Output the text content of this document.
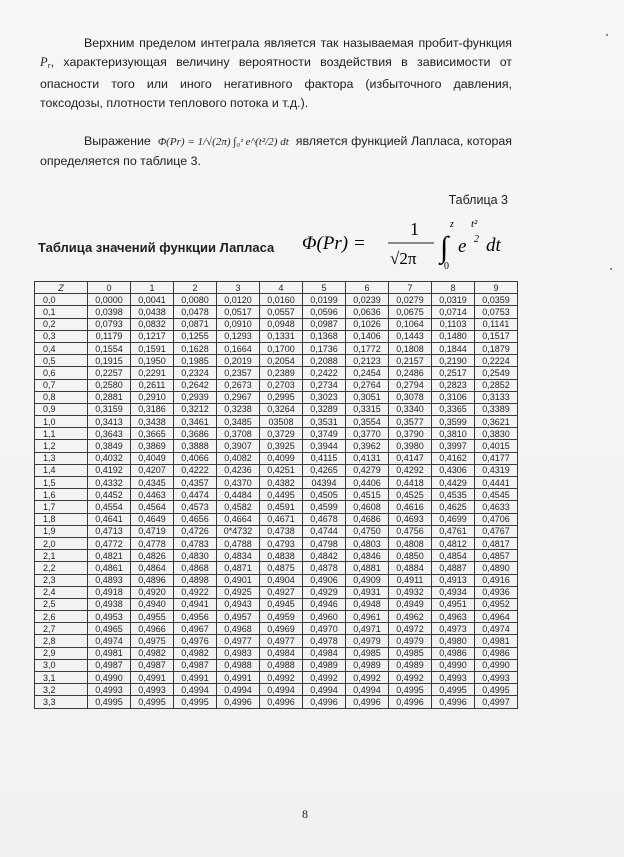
Верхним пределом интеграла является так называемая пробит-функция $P_r$, характеризующая величину вероятности воздействия в зависимости от опасности того или иного негативного фактора (избыточного давления, токсодозы, плотности теплового потока и т.д.).
Выражение Φ(Pr) = 1/√(2π) ∫₀ᶻ e^(t²/2) dt является функцией Лапласа, которая определяется по таблице 3.
Таблица 3
Таблица значений функции Лапласа Φ(Pr) =
1
√2π
z
∫
0
e
t²
2 dt
Z	0	1	2	3	4	5	6	7	8	9
0,0	0,0000	0,0041	0,0080	0,0120	0,0160	0,0199	0,0239	0,0279	0,0319	0,0359
0,1	0,0398	0,0438	0,0478	0,0517	0,0557	0,0596	0,0636	0,0675	0,0714	0,0753
0,2	0,0793	0,0832	0,0871	0,0910	0,0948	0,0987	0,1026	0,1064	0,1103	0,1141
0,3	0,1179	0,1217	0,1255	0,1293	0,1331	0,1368	0,1406	0,1443	0,1480	0,1517
0,4	0,1554	0,1591	0,1628	0,1664	0,1700	0,1736	0,1772	0,1808	0,1844	0,1879
0,5	0,1915	0,1950	0,1985	0,2019	0,2054	0,2088	0,2123	0,2157	0,2190	0,2224
0,6	0,2257	0,2291	0,2324	0,2357	0,2389	0,2422	0,2454	0,2486	0,2517	0,2549
0,7	0,2580	0,2611	0,2642	0,2673	0,2703	0,2734	0,2764	0,2794	0,2823	0,2852
0,8	0,2881	0,2910	0,2939	0,2967	0,2995	0,3023	0,3051	0,3078	0,3106	0,3133
0,9	0,3159	0,3186	0,3212	0,3238	0,3264	0,3289	0,3315	0,3340	0,3365	0,3389
1,0	0,3413	0,3438	0,3461	0,3485	03508	0,3531	0,3554	0,3577	0,3599	0,3621
1,1	0,3643	0,3665	0,3686	0,3708	0,3729	0,3749	0,3770	0,3790	0,3810	0,3830
1,2	0,3849	0,3869	0,3888	0,3907	0,3925	0,3944	0,3962	0,3980	0,3997	0,4015
1,3	0,4032	0,4049	0,4066	0,4082	0,4099	0,4115	0,4131	0,4147	0,4162	0,4177
1,4	0,4192	0,4207	0,4222	0,4236	0,4251	0,4265	0,4279	0,4292	0,4306	0,4319
1,5	0,4332	0,4345	0,4357	0,4370	0,4382	04394	0,4406	0,4418	0,4429	0,4441
1,6	0,4452	0,4463	0,4474	0,4484	0,4495	0,4505	0,4515	0,4525	0,4535	0,4545
1,7	0,4554	0,4564	0,4573	0,4582	0,4591	0,4599	0,4608	0,4616	0,4625	0,4633
1,8	0,4641	0,4649	0,4656	0,4664	0,4671	0,4678	0,4686	0,4693	0,4699	0,4706
1,9	0,4713	0,4719	0,4726	0*4732	0,4738	0,4744	0,4750	0,4756	0,4761	0,4767
2,0	0,4772	0,4778	0,4783	0,4788	0,4793	0,4798	0,4803	0,4808	0,4812	0,4817
2,1	0,4821	0,4826	0,4830	0,4834	0,4838	0,4842	0,4846	0,4850	0,4854	0,4857
2,2	0,4861	0,4864	0,4868	0,4871	0,4875	0,4878	0,4881	0,4884	0,4887	0,4890
2,3	0,4893	0,4896	0,4898	0,4901	0,4904	0,4906	0,4909	0,4911	0,4913	0,4916
2,4	0,4918	0,4920	0,4922	0,4925	0,4927	0,4929	0,4931	0,4932	0,4934	0,4936
2,5	0,4938	0,4940	0,4941	0,4943	0,4945	0,4946	0,4948	0,4949	0,4951	0,4952
2,6	0,4953	0,4955	0,4956	0,4957	0,4959	0,4960	0,4961	0,4962	0,4963	0,4964
2,7	0,4965	0,4966	0,4967	0,4968	0,4969	0,4970	0,4971	0,4972	0,4973	0,4974
2,8	0,4974	0,4975	0,4976	0,4977	0,4977	0,4978	0,4979	0,4979	0,4980	0,4981
2,9	0,4981	0,4982	0,4982	0,4983	0,4984	0,4984	0,4985	0,4985	0,4986	0,4986
3,0	0,4987	0,4987	0,4987	0,4988	0,4988	0,4989	0,4989	0,4989	0,4990	0,4990
3,1	0,4990	0,4991	0,4991	0,4991	0,4992	0,4992	0,4992	0,4992	0,4993	0,4993
3,2	0,4993	0,4993	0,4994	0,4994	0,4994	0,4994	0,4994	0,4995	0,4995	0,4995
3,3	0,4995	0,4995	0,4995	0,4996	0,4996	0,4996	0,4996	0,4996	0,4996	0,4997
8
